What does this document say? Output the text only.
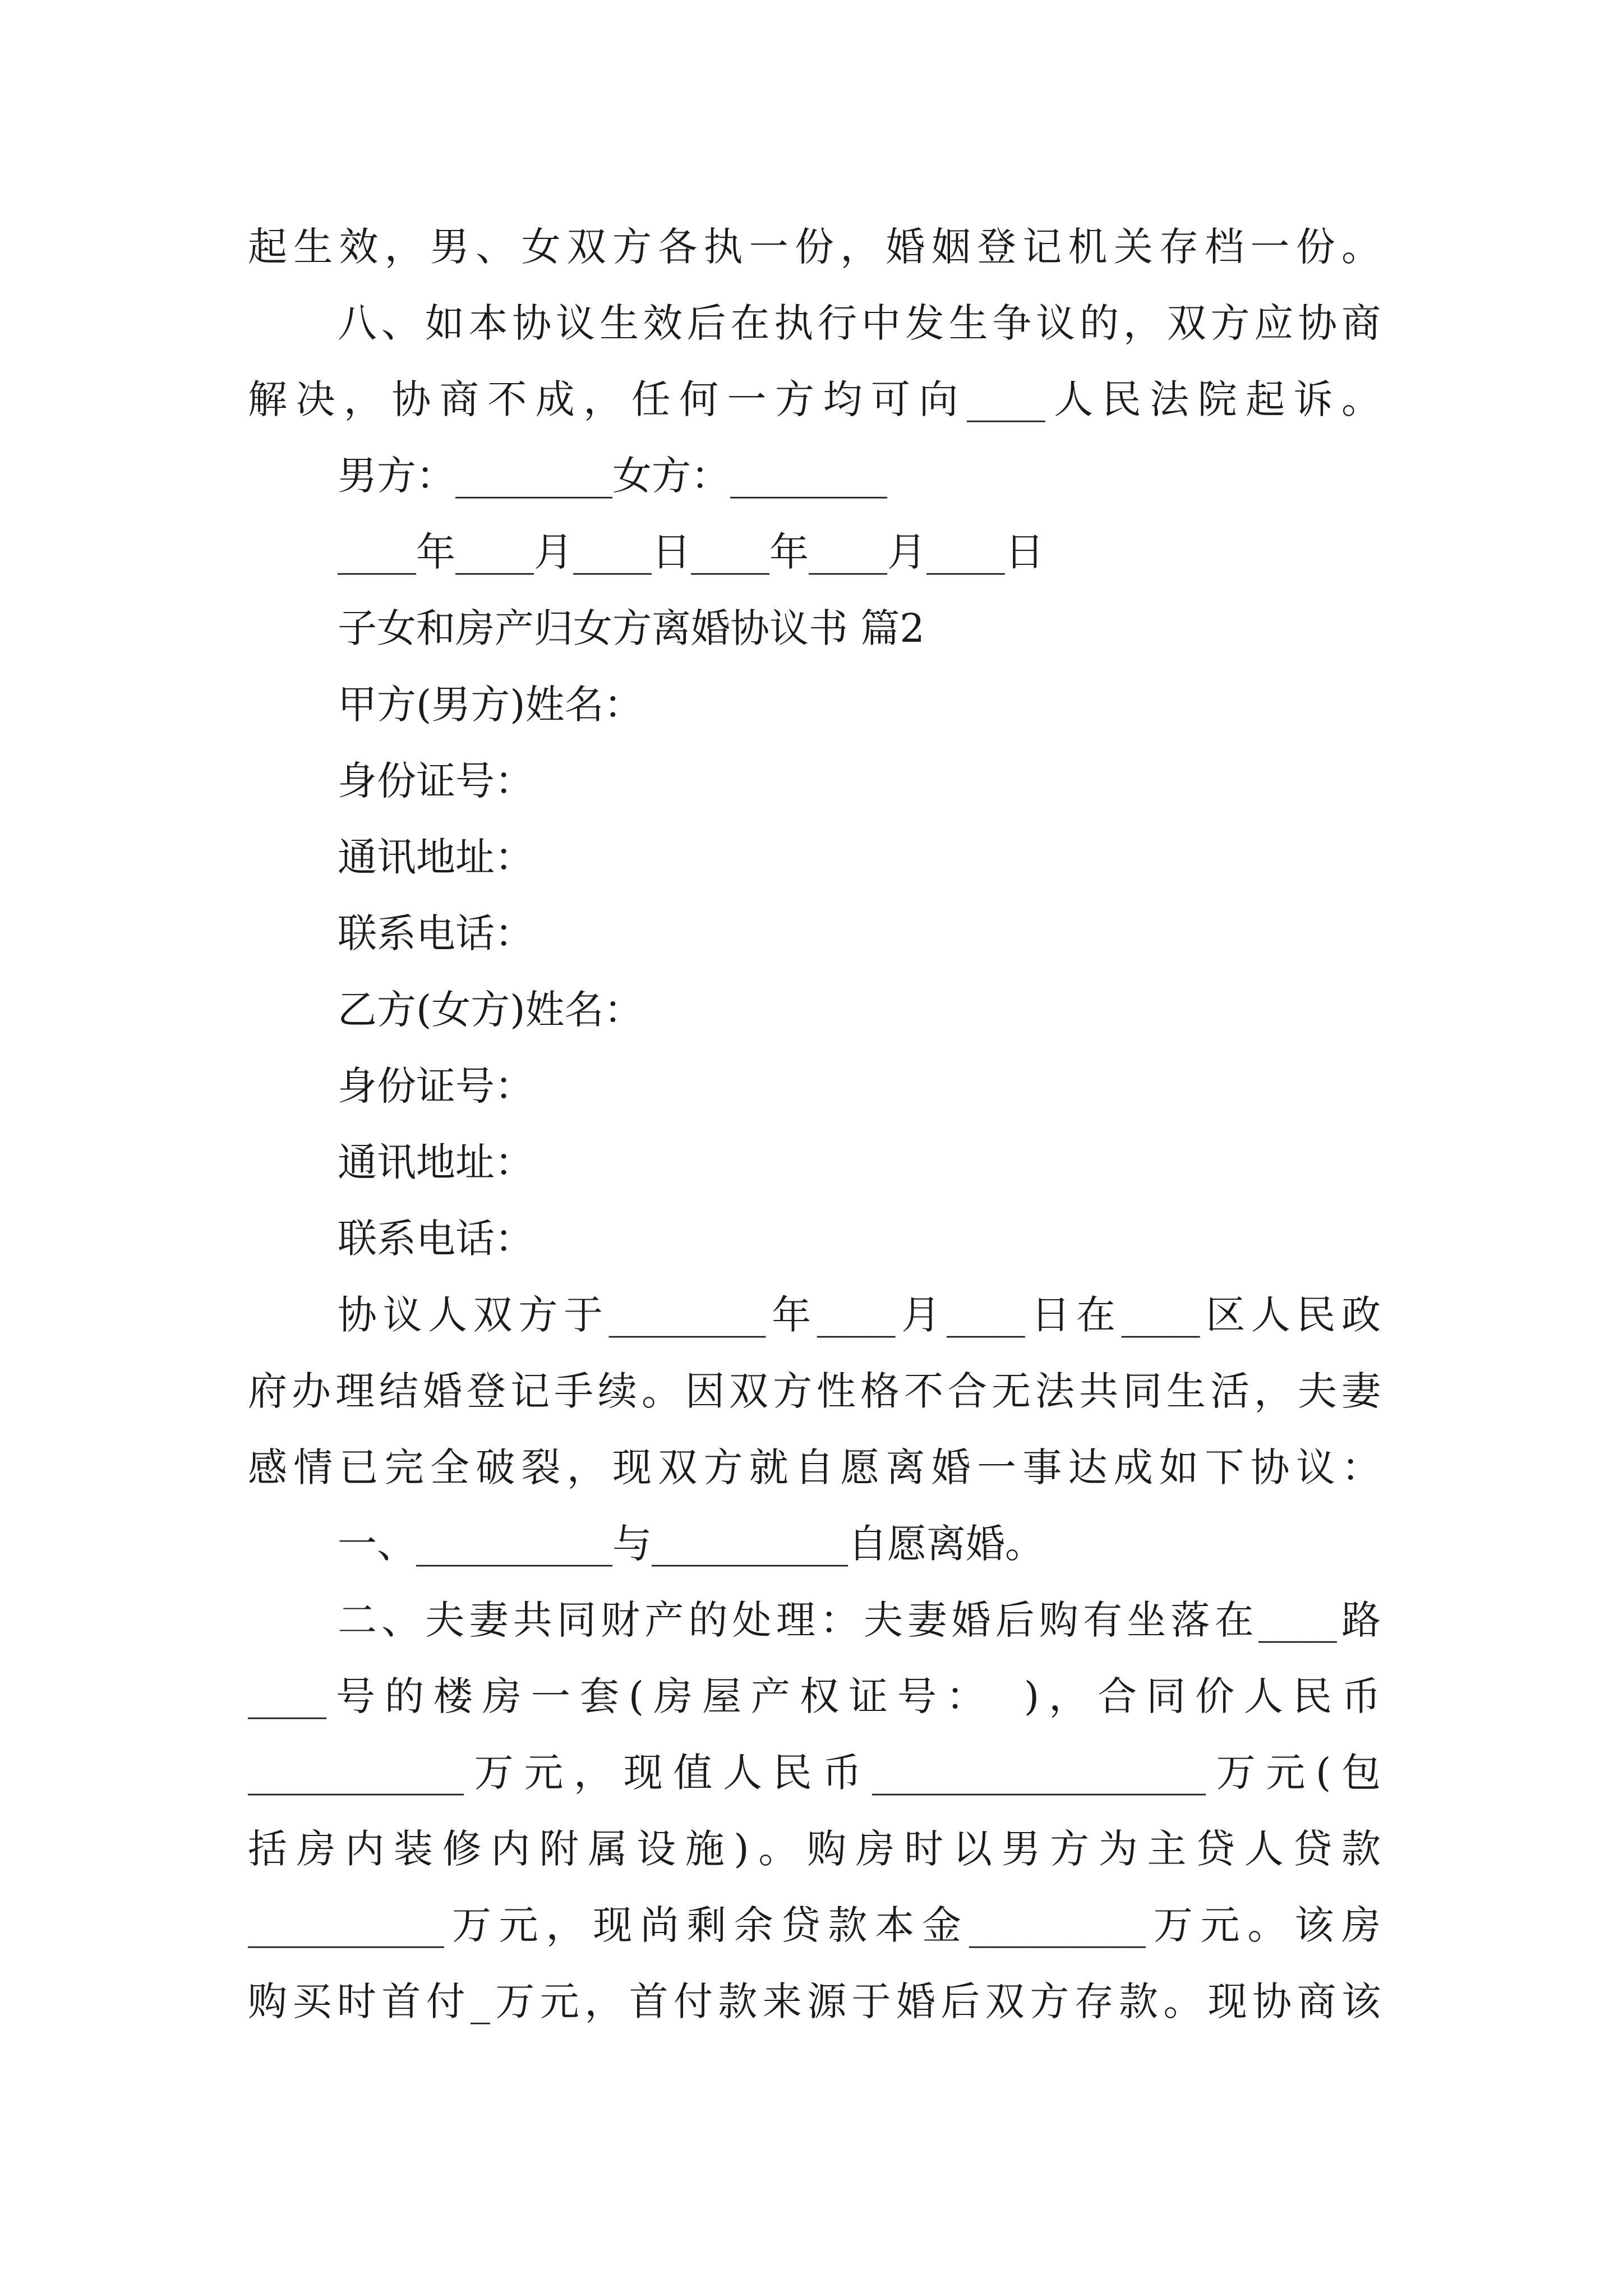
起生效，男、女双方各执一份，婚姻登记机关存档一份。
八、如本协议生效后在执行中发生争议的，双方应协商
解决，协商不成，任何一方均可向____人民法院起诉。
男方：________女方：________
____年____月____日____年____月____日
子女和房产归女方离婚协议书 篇2
甲方(男方)姓名：
身份证号：
通讯地址：
联系电话：
乙方(女方)姓名：
身份证号：
通讯地址：
联系电话：
协议人双方于________年____月____日在____区人民政
府办理结婚登记手续。因双方性格不合无法共同生活，夫妻
感情已完全破裂，现双方就自愿离婚一事达成如下协议：
一、__________与__________自愿离婚。
二、夫妻共同财产的处理：夫妻婚后购有坐落在____路
____号的楼房一套(房屋产权证号：　)，合同价人民币
___________万元，现值人民币_________________万元(包
括房内装修内附属设施)。购房时以男方为主贷人贷款
__________万元，现尚剩余贷款本金_________万元。该房
购买时首付_万元，首付款来源于婚后双方存款。现协商该
